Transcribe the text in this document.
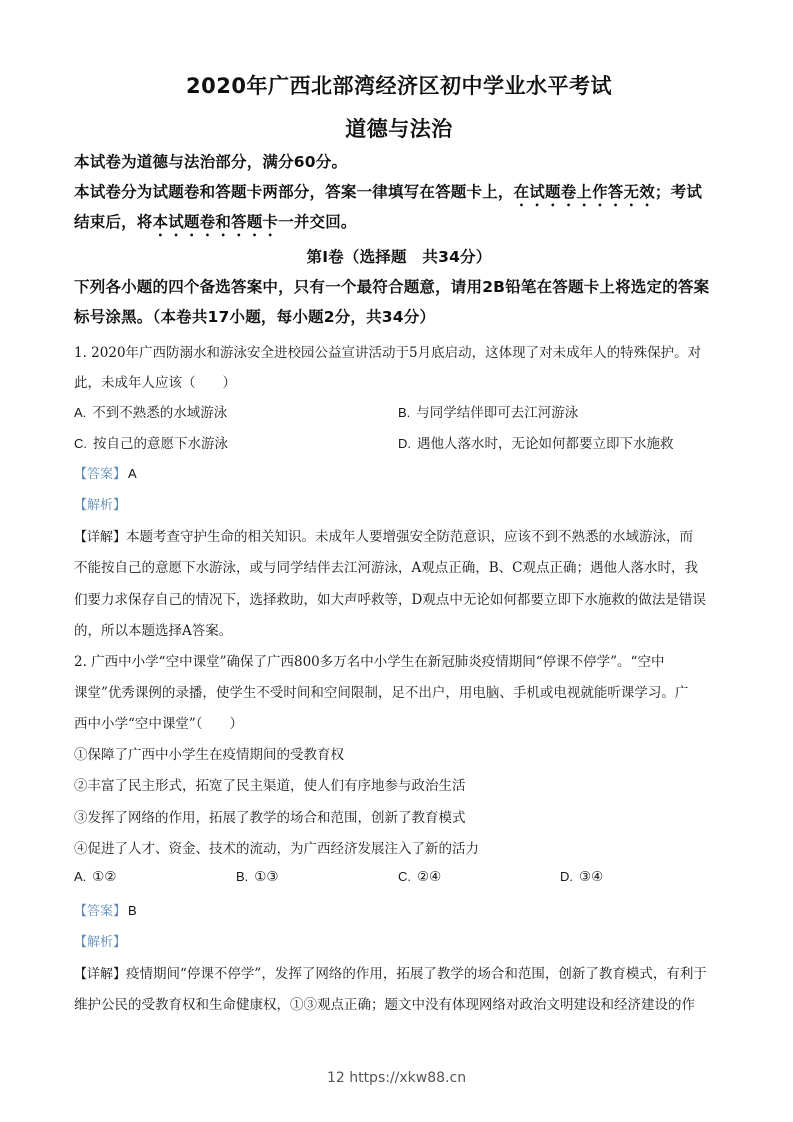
2020年广西北部湾经济区初中学业水平考试
道德与法治
本试卷为道德与法治部分，满分60分。
本试卷分为试题卷和答题卡两部分，答案一律填写在答题卡上，在试题卷上作答无效；考试
结束后，将本试题卷和答题卡一并交回。
第Ⅰ卷（选择题　共34分）
下列各小题的四个备选答案中，只有一个最符合题意，请用2B铅笔在答题卡上将选定的答案
标号涂黑。（本卷共17小题，每小题2分，共34分）
1. 2020年广西防溺水和游泳安全进校园公益宣讲活动于5月底启动，这体现了对未成年人的特殊保护。对
此，未成年人应该（　　）
A. 不到不熟悉的水域游泳	B. 与同学结伴即可去江河游泳
C. 按自己的意愿下水游泳	D. 遇他人落水时，无论如何都要立即下水施救
【答案】 A
【解析】
【详解】本题考查守护生命的相关知识。未成年人要增强安全防范意识，应该不到不熟悉的水域游泳，而
不能按自己的意愿下水游泳，或与同学结伴去江河游泳，A观点正确，B、C观点正确；遇他人落水时，我
们要力求保存自己的情况下，选择救助，如大声呼救等，D观点中无论如何都要立即下水施救的做法是错误
的，所以本题选择A答案。
2. 广西中小学“空中课堂”确保了广西800多万名中小学生在新冠肺炎疫情期间“停课不停学”。“空中
课堂”优秀课例的录播，使学生不受时间和空间限制，足不出户，用电脑、手机或电视就能听课学习。广
西中小学“空中课堂”（　　）
①保障了广西中小学生在疫情期间的受教育权
②丰富了民主形式，拓宽了民主渠道，使人们有序地参与政治生活
③发挥了网络的作用，拓展了教学的场合和范围，创新了教育模式
④促进了人才、资金、技术的流动，为广西经济发展注入了新的活力
A. ①②	B. ①③	C. ②④	D. ③④
【答案】 B
【解析】
【详解】疫情期间“停课不停学”，发挥了网络的作用，拓展了教学的场合和范围，创新了教育模式，有利于
维护公民的受教育权和生命健康权，①③观点正确；题文中没有体现网络对政治文明建设和经济建设的作
12 https://xkw88.cn
